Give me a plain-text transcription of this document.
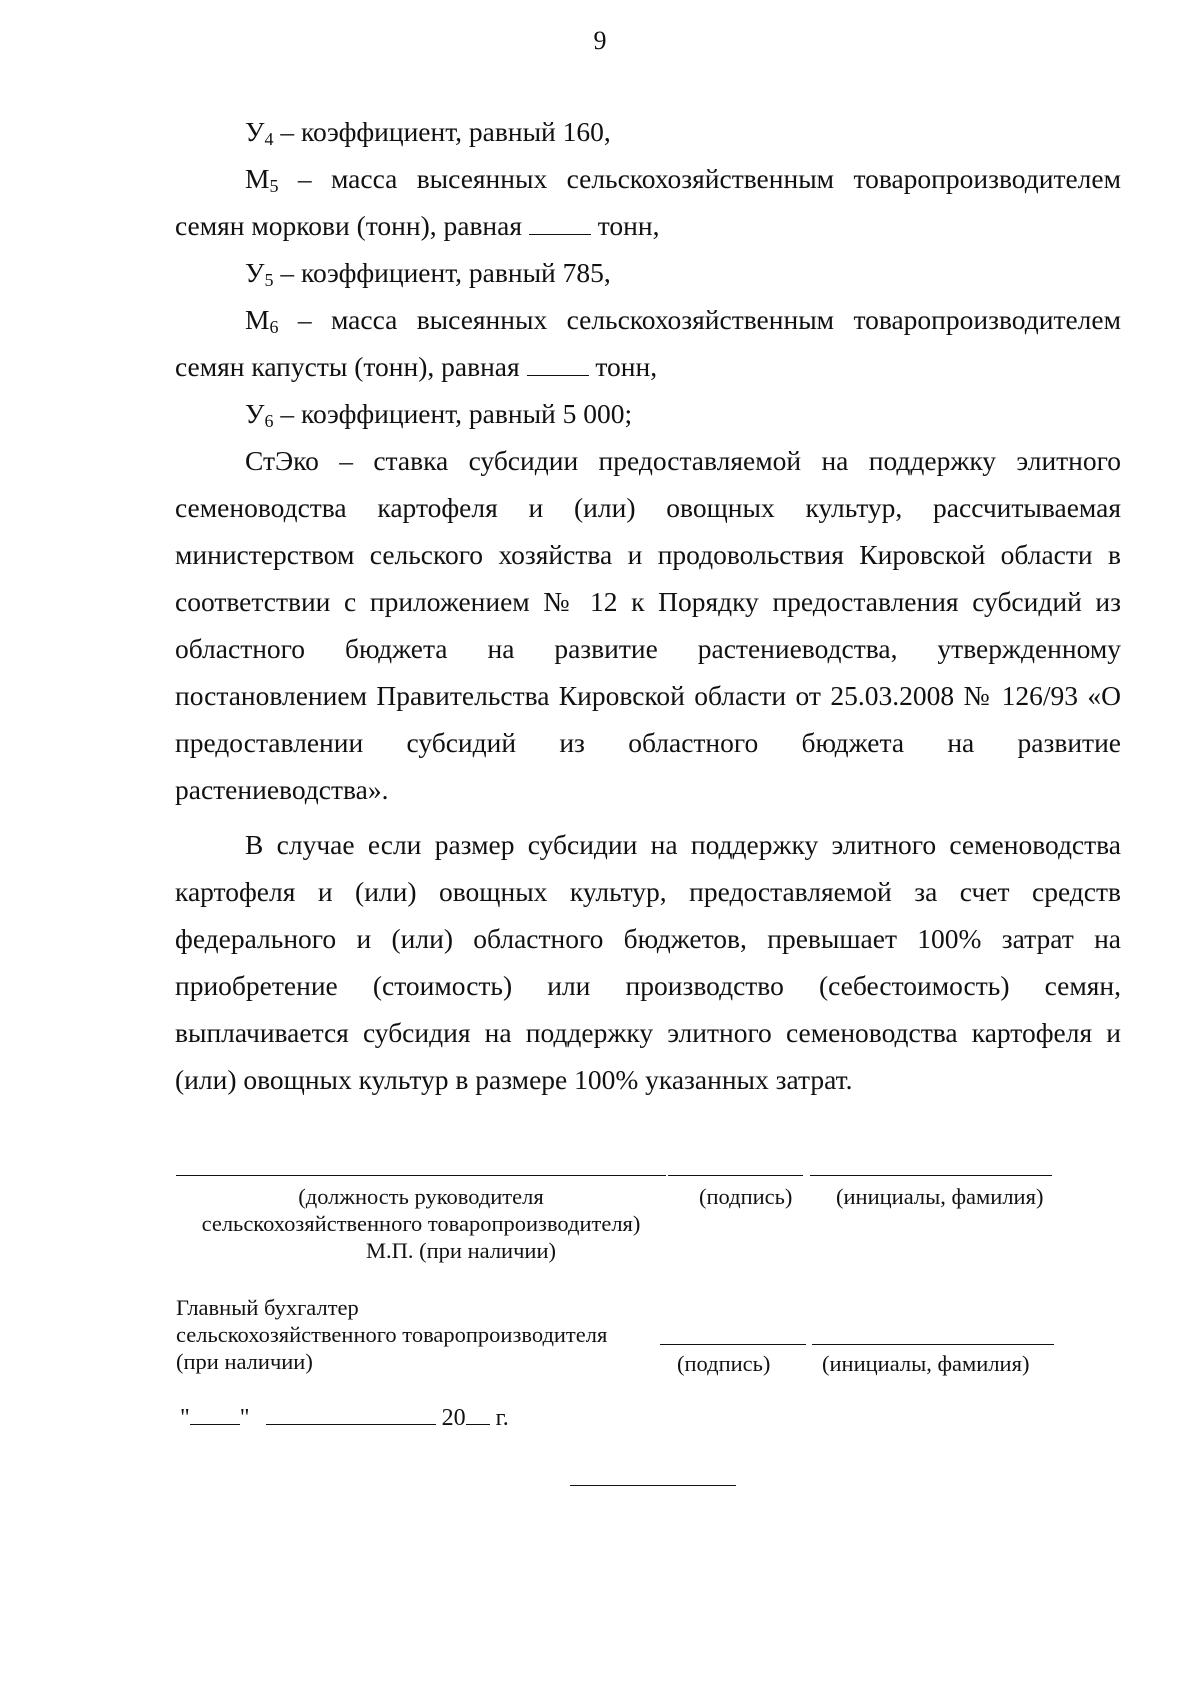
9

$У_4$ – коэффициент, равный 160,

$М_5$ – масса высеянных сельскохозяйственным товаропроизводителем семян моркови (тонн), равная  тонн,

$У_5$ – коэффициент, равный 785,

$М_6$ – масса высеянных сельскохозяйственным товаропроизводителем семян капусты (тонн), равная  тонн,

$У_6$ – коэффициент, равный 5 000;

СтЭко – ставка субсидии предоставляемой на поддержку элитного семеноводства картофеля и (или) овощных культур, рассчитываемая министерством сельского хозяйства и продовольствия Кировской области в соответствии с приложением № 12 к Порядку предоставления субсидий из областного бюджета на развитие растениеводства, утвержденному постановлением Правительства Кировской области от 25.03.2008 № 126/93 «О предоставлении субсидий из областного бюджета на развитие растениеводства».

В случае если размер субсидии на поддержку элитного семеноводства картофеля и (или) овощных культур, предоставляемой за счет средств федерального и (или) областного бюджетов, превышает 100% затрат на приобретение (стоимость) или производство (себестоимость) семян, выплачивается субсидия на поддержку элитного семеноводства картофеля и (или) овощных культур в размере 100% указанных затрат.

(должность руководителя
сельскохозяйственного товаропроизводителя)
М.П. (при наличии)
(подпись) (инициалы, фамилия)
Главный бухгалтер
сельскохозяйственного товаропроизводителя
(при наличии)	(подпись) (инициалы, фамилия)
" "	20 г.
